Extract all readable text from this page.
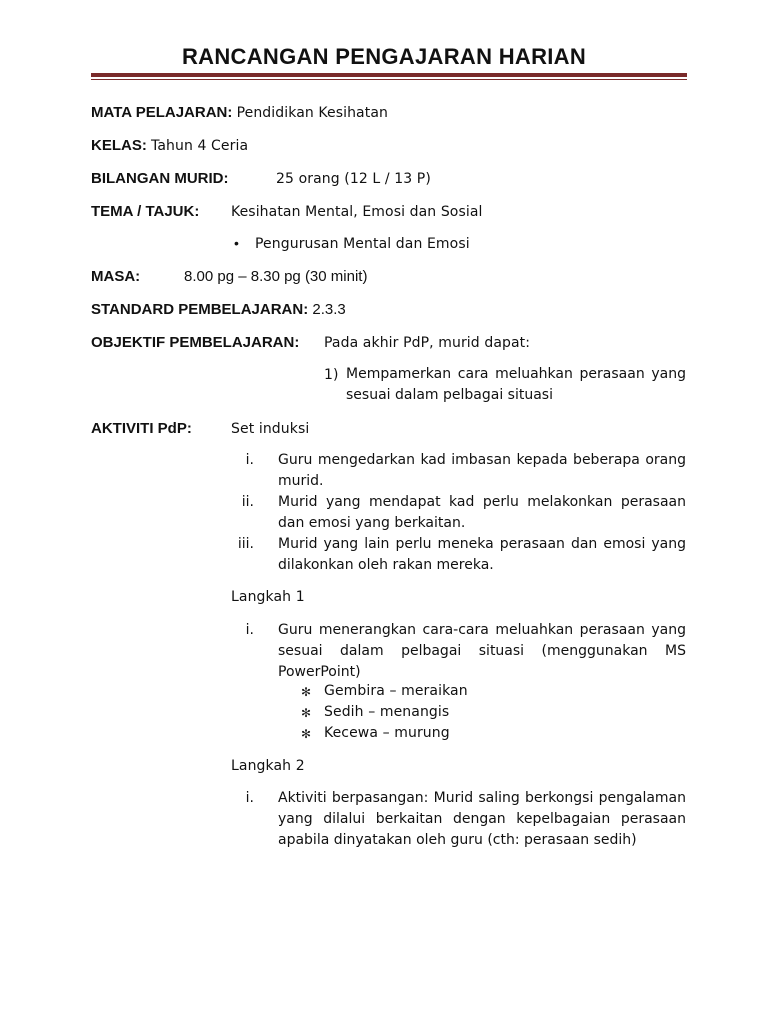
RANCANGAN PENGAJARAN HARIAN
MATA PELAJARAN: Pendidikan Kesihatan
KELAS: Tahun 4 Ceria
BILANGAN MURID:	25 orang (12 L / 13 P)
TEMA / TAJUK: Kesihatan Mental, Emosi dan Sosial
• Pengurusan Mental dan Emosi
MASA:	8.00 pg – 8.30 pg (30 minit)
STANDARD PEMBELAJARAN: 2.3.3
OBJEKTIF PEMBELAJARAN: Pada akhir PdP, murid dapat:
1) Mempamerkan cara meluahkan perasaan yang sesuai dalam pelbagai situasi
AKTIVITI PdP:	Set induksi
i. Guru mengedarkan kad imbasan kepada beberapa orang murid.
ii. Murid yang mendapat kad perlu melakonkan perasaan dan emosi yang berkaitan.
iii. Murid yang lain perlu meneka perasaan dan emosi yang dilakonkan oleh rakan mereka.
Langkah 1
i. Guru menerangkan cara-cara meluahkan perasaan yang sesuai dalam pelbagai situasi (menggunakan MS PowerPoint)
✻ Gembira – meraikan
✻ Sedih – menangis
✻ Kecewa – murung
Langkah 2
i. Aktiviti berpasangan: Murid saling berkongsi pengalaman yang dilalui berkaitan dengan kepelbagaian perasaan apabila dinyatakan oleh guru (cth: perasaan sedih)
